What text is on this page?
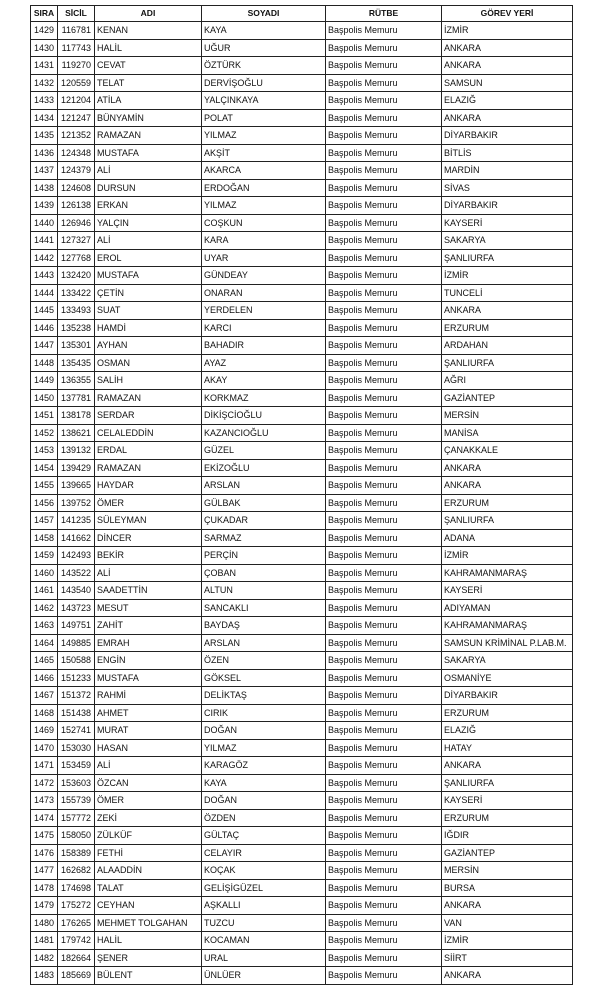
SIRA	SİCİL	ADI	SOYADI	RÜTBE	GÖREV YERİ
1429	116781	KENAN	KAYA	Başpolis Memuru	İZMİR
1430	117743	HALİL	UĞUR	Başpolis Memuru	ANKARA
1431	119270	CEVAT	ÖZTÜRK	Başpolis Memuru	ANKARA
1432	120559	TELAT	DERVİŞOĞLU	Başpolis Memuru	SAMSUN
1433	121204	ATİLA	YALÇINKAYA	Başpolis Memuru	ELAZIĞ
1434	121247	BÜNYAMİN	POLAT	Başpolis Memuru	ANKARA
1435	121352	RAMAZAN	YILMAZ	Başpolis Memuru	DİYARBAKIR
1436	124348	MUSTAFA	AKŞİT	Başpolis Memuru	BİTLİS
1437	124379	ALİ	AKARCA	Başpolis Memuru	MARDİN
1438	124608	DURSUN	ERDOĞAN	Başpolis Memuru	SİVAS
1439	126138	ERKAN	YILMAZ	Başpolis Memuru	DİYARBAKIR
1440	126946	YALÇIN	COŞKUN	Başpolis Memuru	KAYSERİ
1441	127327	ALİ	KARA	Başpolis Memuru	SAKARYA
1442	127768	EROL	UYAR	Başpolis Memuru	ŞANLIURFA
1443	132420	MUSTAFA	GÜNDEAY	Başpolis Memuru	İZMİR
1444	133422	ÇETİN	ONARAN	Başpolis Memuru	TUNCELİ
1445	133493	SUAT	YERDELEN	Başpolis Memuru	ANKARA
1446	135238	HAMDİ	KARCI	Başpolis Memuru	ERZURUM
1447	135301	AYHAN	BAHADIR	Başpolis Memuru	ARDAHAN
1448	135435	OSMAN	AYAZ	Başpolis Memuru	ŞANLIURFA
1449	136355	SALİH	AKAY	Başpolis Memuru	AĞRI
1450	137781	RAMAZAN	KORKMAZ	Başpolis Memuru	GAZİANTEP
1451	138178	SERDAR	DİKİŞCİOĞLU	Başpolis Memuru	MERSİN
1452	138621	CELALEDDİN	KAZANCIOĞLU	Başpolis Memuru	MANİSA
1453	139132	ERDAL	GÜZEL	Başpolis Memuru	ÇANAKKALE
1454	139429	RAMAZAN	EKİZOĞLU	Başpolis Memuru	ANKARA
1455	139665	HAYDAR	ARSLAN	Başpolis Memuru	ANKARA
1456	139752	ÖMER	GÜLBAK	Başpolis Memuru	ERZURUM
1457	141235	SÜLEYMAN	ÇUKADAR	Başpolis Memuru	ŞANLIURFA
1458	141662	DİNCER	SARMAZ	Başpolis Memuru	ADANA
1459	142493	BEKİR	PERÇİN	Başpolis Memuru	İZMİR
1460	143522	ALİ	ÇOBAN	Başpolis Memuru	KAHRAMANMARAŞ
1461	143540	SAADETTİN	ALTUN	Başpolis Memuru	KAYSERİ
1462	143723	MESUT	SANCAKLI	Başpolis Memuru	ADIYAMAN
1463	149751	ZAHİT	BAYDAŞ	Başpolis Memuru	KAHRAMANMARAŞ
1464	149885	EMRAH	ARSLAN	Başpolis Memuru	SAMSUN KRİMİNAL P.LAB.M.
1465	150588	ENGİN	ÖZEN	Başpolis Memuru	SAKARYA
1466	151233	MUSTAFA	GÖKSEL	Başpolis Memuru	OSMANİYE
1467	151372	RAHMİ	DELİKTAŞ	Başpolis Memuru	DİYARBAKIR
1468	151438	AHMET	CIRIK	Başpolis Memuru	ERZURUM
1469	152741	MURAT	DOĞAN	Başpolis Memuru	ELAZIĞ
1470	153030	HASAN	YILMAZ	Başpolis Memuru	HATAY
1471	153459	ALİ	KARAGÖZ	Başpolis Memuru	ANKARA
1472	153603	ÖZCAN	KAYA	Başpolis Memuru	ŞANLIURFA
1473	155739	ÖMER	DOĞAN	Başpolis Memuru	KAYSERİ
1474	157772	ZEKİ	ÖZDEN	Başpolis Memuru	ERZURUM
1475	158050	ZÜLKÜF	GÜLTAÇ	Başpolis Memuru	IĞDIR
1476	158389	FETHİ	CELAYIR	Başpolis Memuru	GAZİANTEP
1477	162682	ALAADDİN	KOÇAK	Başpolis Memuru	MERSİN
1478	174698	TALAT	GELİŞİGÜZEL	Başpolis Memuru	BURSA
1479	175272	CEYHAN	AŞKALLI	Başpolis Memuru	ANKARA
1480	176265	MEHMET TOLGAHAN	TUZCU	Başpolis Memuru	VAN
1481	179742	HALİL	KOCAMAN	Başpolis Memuru	İZMİR
1482	182664	ŞENER	URAL	Başpolis Memuru	SİİRT
1483	185669	BÜLENT	ÜNLÜER	Başpolis Memuru	ANKARA
